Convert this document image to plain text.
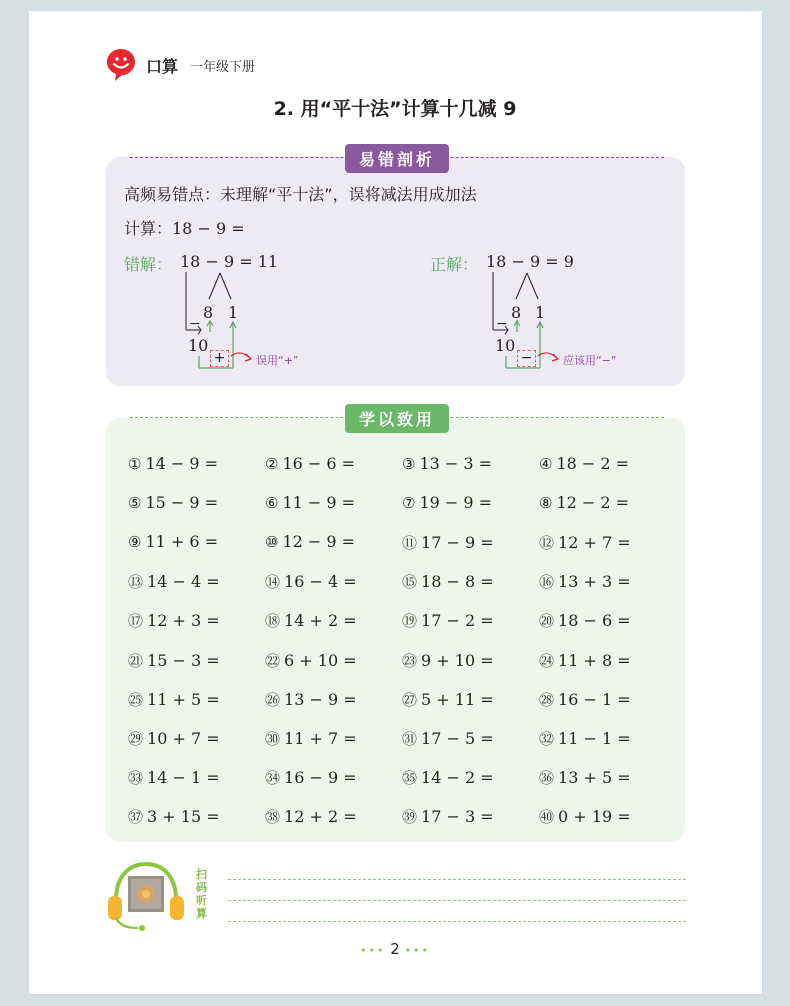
口算 一年级下册
2. 用“平十法”计算十几减 9
易错剖析
高频易错点：未理解“平十法”，误将减法用成加法
计算：18 − 9 =
错解： 18 − 9 = 11
−
8 1
10
+	误用“+”
正解： 18 − 9 = 9
−
8 1
10
−	应该用“−”
学以致用
① 14 − 9 =	② 16 − 6 =	③ 13 − 3 =	④ 18 − 2 =
⑤ 15 − 9 =	⑥ 11 − 9 =	⑦ 19 − 9 =	⑧ 12 − 2 =
⑨ 11 + 6 =	⑩ 12 − 9 =	⑪ 17 − 9 =	⑫ 12 + 7 =
⑬ 14 − 4 =	⑭ 16 − 4 =	⑮ 18 − 8 =	⑯ 13 + 3 =
⑰ 12 + 3 =	⑱ 14 + 2 =	⑲ 17 − 2 =	⑳ 18 − 6 =
㉑ 15 − 3 =	㉒ 6 + 10 =	㉓ 9 + 10 =	㉔ 11 + 8 =
㉕ 11 + 5 =	㉖ 13 − 9 =	㉗ 5 + 11 =	㉘ 16 − 1 =
㉙ 10 + 7 =	㉚ 11 + 7 =	㉛ 17 − 5 =	㉜ 11 − 1 =
㉝ 14 − 1 =	㉞ 16 − 9 =	㉟ 14 − 2 =	㊱ 13 + 5 =
㊲ 3 + 15 =	㊳ 12 + 2 =	㊴ 17 − 3 =	㊵ 0 + 19 =
扫
码
听
算
••• 2 •••
